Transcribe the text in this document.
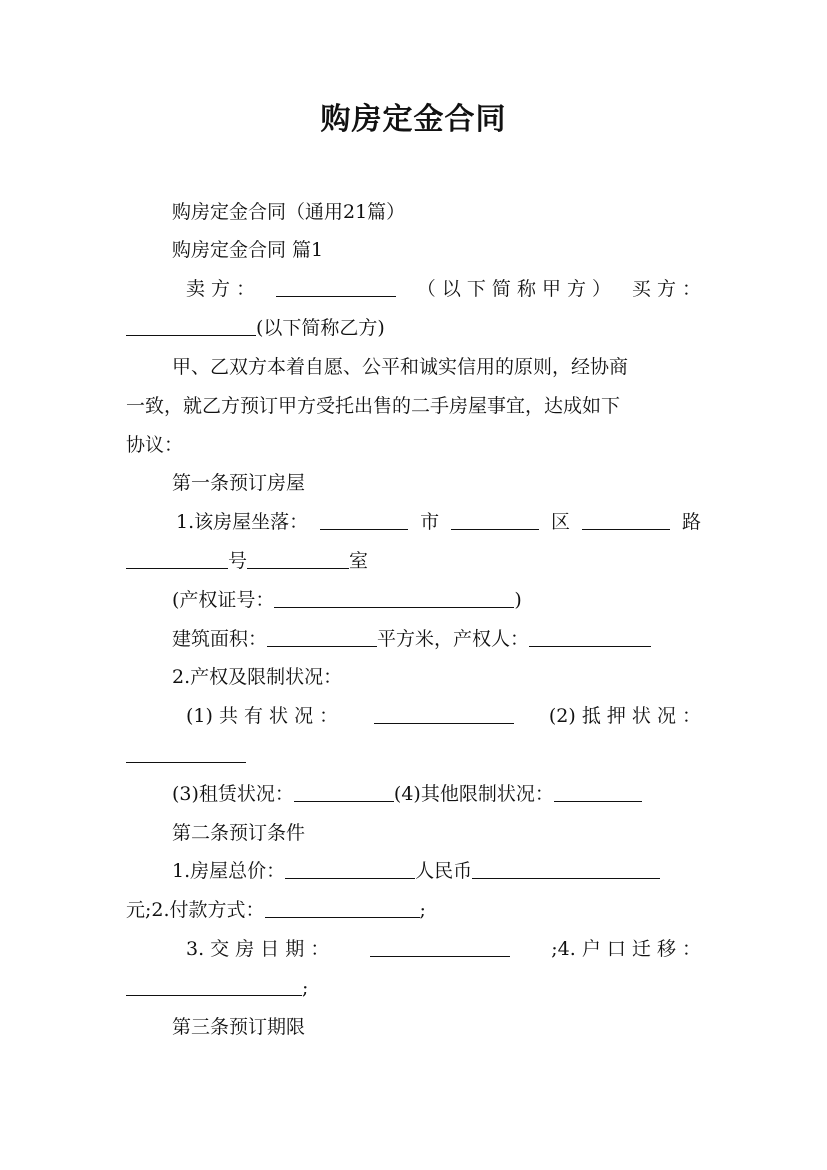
购房定金合同
购房定金合同（通用21篇）
购房定金合同 篇1
卖 方 ：	（ 以 下 简 称 甲 方 ） 买 方 ：
(以下简称乙方)
甲、乙双方本着自愿、公平和诚实信用的原则，经协商
一致，就乙方预订甲方受托出售的二手房屋事宜，达成如下
协议：
第一条预订房屋
1.该房屋坐落：	市	区	路
号	室
(产权证号：	)
建筑面积：	平方米，产权人：
2.产权及限制状况：
(1) 共 有 状 况 ：	(2) 抵 押 状 况 ：
(3)租赁状况：	(4)其他限制状况：
第二条预订条件
1.房屋总价：	人民币
元;2.付款方式：	;
3. 交 房 日 期 ：	;4. 户 口 迁 移 ：
;
第三条预订期限
